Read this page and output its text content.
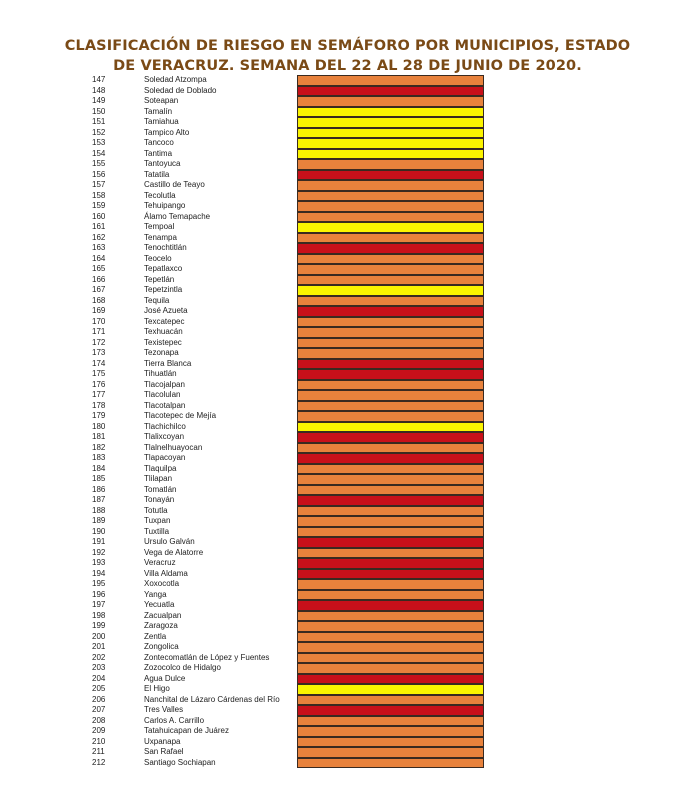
CLASIFICACIÓN DE RIESGO EN SEMÁFORO POR MUNICIPIOS, ESTADO
DE VERACRUZ. SEMANA DEL 22 AL 28 DE JUNIO DE 2020.
147	Soledad Atzompa
148	Soledad de Doblado
149	Soteapan
150	Tamalín
151	Tamiahua
152	Tampico Alto
153	Tancoco
154	Tantima
155	Tantoyuca
156	Tatatila
157	Castillo de Teayo
158	Tecolutla
159	Tehuipango
160	Álamo Temapache
161	Tempoal
162	Tenampa
163	Tenochtitlán
164	Teocelo
165	Tepatlaxco
166	Tepetlán
167	Tepetzintla
168	Tequila
169	José Azueta
170	Texcatepec
171	Texhuacán
172	Texistepec
173	Tezonapa
174	Tierra Blanca
175	Tihuatlán
176	Tlacojalpan
177	Tlacolulan
178	Tlacotalpan
179	Tlacotepec de Mejía
180	Tlachichilco
181	Tlalixcoyan
182	Tlalnelhuayocan
183	Tlapacoyan
184	Tlaquilpa
185	Tlilapan
186	Tomatlán
187	Tonayán
188	Totutla
189	Tuxpan
190	Tuxtilla
191	Ursulo Galván
192	Vega de Alatorre
193	Veracruz
194	Villa Aldama
195	Xoxocotla
196	Yanga
197	Yecuatla
198	Zacualpan
199	Zaragoza
200	Zentla
201	Zongolica
202	Zontecomatlán de López y Fuentes
203	Zozocolco de Hidalgo
204	Agua Dulce
205	El Higo
206	Nanchital de Lázaro Cárdenas del Río
207	Tres Valles
208	Carlos A. Carrillo
209	Tatahuicapan de Juárez
210	Uxpanapa
211	San Rafael
212	Santiago Sochiapan
